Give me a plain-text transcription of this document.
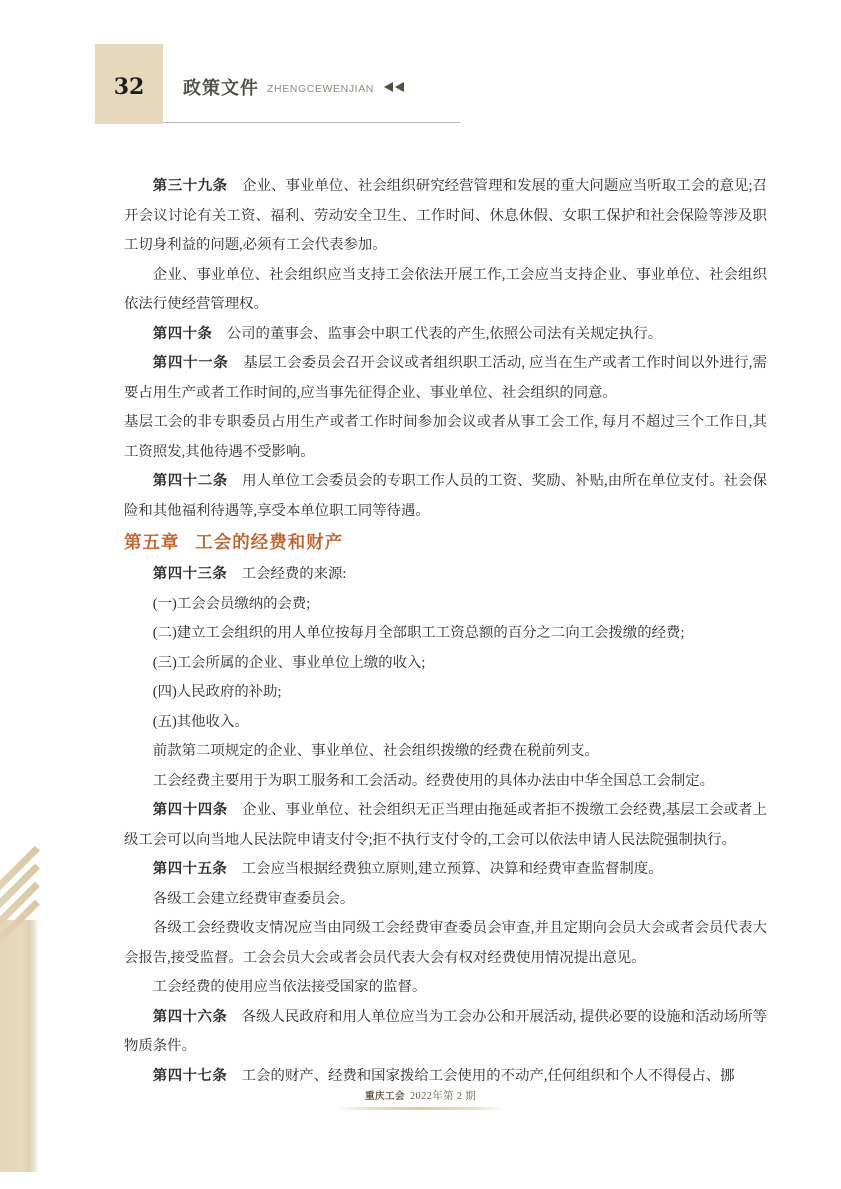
32	政策文件 ZHENGCEWENJIAN

第三十九条 企业、事业单位、社会组织研究经营管理和发展的重大问题应当听取工会的意见;召开会议讨论有关工资、福利、劳动安全卫生、工作时间、休息休假、女职工保护和社会保险等涉及职工切身利益的问题,必须有工会代表参加。

企业、事业单位、社会组织应当支持工会依法开展工作,工会应当支持企业、事业单位、社会组织依法行使经营管理权。

第四十条 公司的董事会、监事会中职工代表的产生,依照公司法有关规定执行。

第四十一条 基层工会委员会召开会议或者组织职工活动, 应当在生产或者工作时间以外进行,需要占用生产或者工作时间的,应当事先征得企业、事业单位、社会组织的同意。

基层工会的非专职委员占用生产或者工作时间参加会议或者从事工会工作, 每月不超过三个工作日,其工资照发,其他待遇不受影响。

第四十二条 用人单位工会委员会的专职工作人员的工资、奖励、补贴,由所在单位支付。社会保险和其他福利待遇等,享受本单位职工同等待遇。

第五章 工会的经费和财产

第四十三条 工会经费的来源:

(一)工会会员缴纳的会费;

(二)建立工会组织的用人单位按每月全部职工工资总额的百分之二向工会拨缴的经费;

(三)工会所属的企业、事业单位上缴的收入;

(四)人民政府的补助;

(五)其他收入。

前款第二项规定的企业、事业单位、社会组织拨缴的经费在税前列支。

工会经费主要用于为职工服务和工会活动。经费使用的具体办法由中华全国总工会制定。

第四十四条 企业、事业单位、社会组织无正当理由拖延或者拒不拨缴工会经费,基层工会或者上级工会可以向当地人民法院申请支付令;拒不执行支付令的,工会可以依法申请人民法院强制执行。

第四十五条 工会应当根据经费独立原则,建立预算、决算和经费审查监督制度。

各级工会建立经费审查委员会。

各级工会经费收支情况应当由同级工会经费审查委员会审查,并且定期向会员大会或者会员代表大会报告,接受监督。工会会员大会或者会员代表大会有权对经费使用情况提出意见。

工会经费的使用应当依法接受国家的监督。

第四十六条 各级人民政府和用人单位应当为工会办公和开展活动, 提供必要的设施和活动场所等物质条件。

第四十七条 工会的财产、经费和国家拨给工会使用的不动产,任何组织和个人不得侵占、挪

重庆工会 2022年第 2 期
